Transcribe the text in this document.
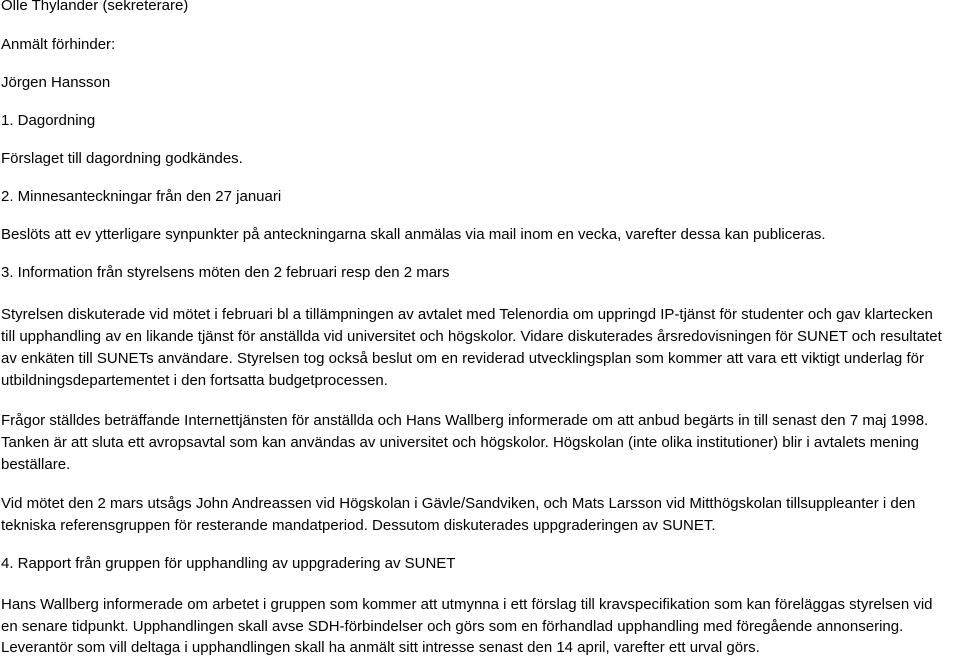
Olle Thylander (sekreterare)
Anmält förhinder:
Jörgen Hansson
1. Dagordning
Förslaget till dagordning godkändes.
2. Minnesanteckningar från den 27 januari
Beslöts att ev ytterligare synpunkter på anteckningarna skall anmälas via mail inom en vecka, varefter dessa kan publiceras.
3. Information från styrelsens möten den 2 februari resp den 2 mars
Styrelsen diskuterade vid mötet i februari bl a tillämpningen av avtalet med Telenordia om uppringd IP-tjänst för studenter och gav klartecken
till upphandling av en likande tjänst för anställda vid universitet och högskolor. Vidare diskuterades årsredovisningen för SUNET och resultatet
av enkäten till SUNETs användare. Styrelsen tog också beslut om en reviderad utvecklingsplan som kommer att vara ett viktigt underlag för
utbildningsdepartementet i den fortsatta budgetprocessen.
Frågor ställdes beträffande Internettjänsten för anställda och Hans Wallberg informerade om att anbud begärts in till senast den 7 maj 1998.
Tanken är att sluta ett avropsavtal som kan användas av universitet och högskolor. Högskolan (inte olika institutioner) blir i avtalets mening
beställare.
Vid mötet den 2 mars utsågs John Andreassen vid Högskolan i Gävle/Sandviken, och Mats Larsson vid Mitthögskolan tillsuppleanter i den
tekniska referensgruppen för resterande mandatperiod. Dessutom diskuterades uppgraderingen av SUNET.
4. Rapport från gruppen för upphandling av uppgradering av SUNET
Hans Wallberg informerade om arbetet i gruppen som kommer att utmynna i ett förslag till kravspecifikation som kan föreläggas styrelsen vid
en senare tidpunkt. Upphandlingen skall avse SDH-förbindelser och görs som en förhandlad upphandling med föregående annonsering.
Leverantör som vill deltaga i upphandlingen skall ha anmält sitt intresse senast den 14 april, varefter ett urval görs.
